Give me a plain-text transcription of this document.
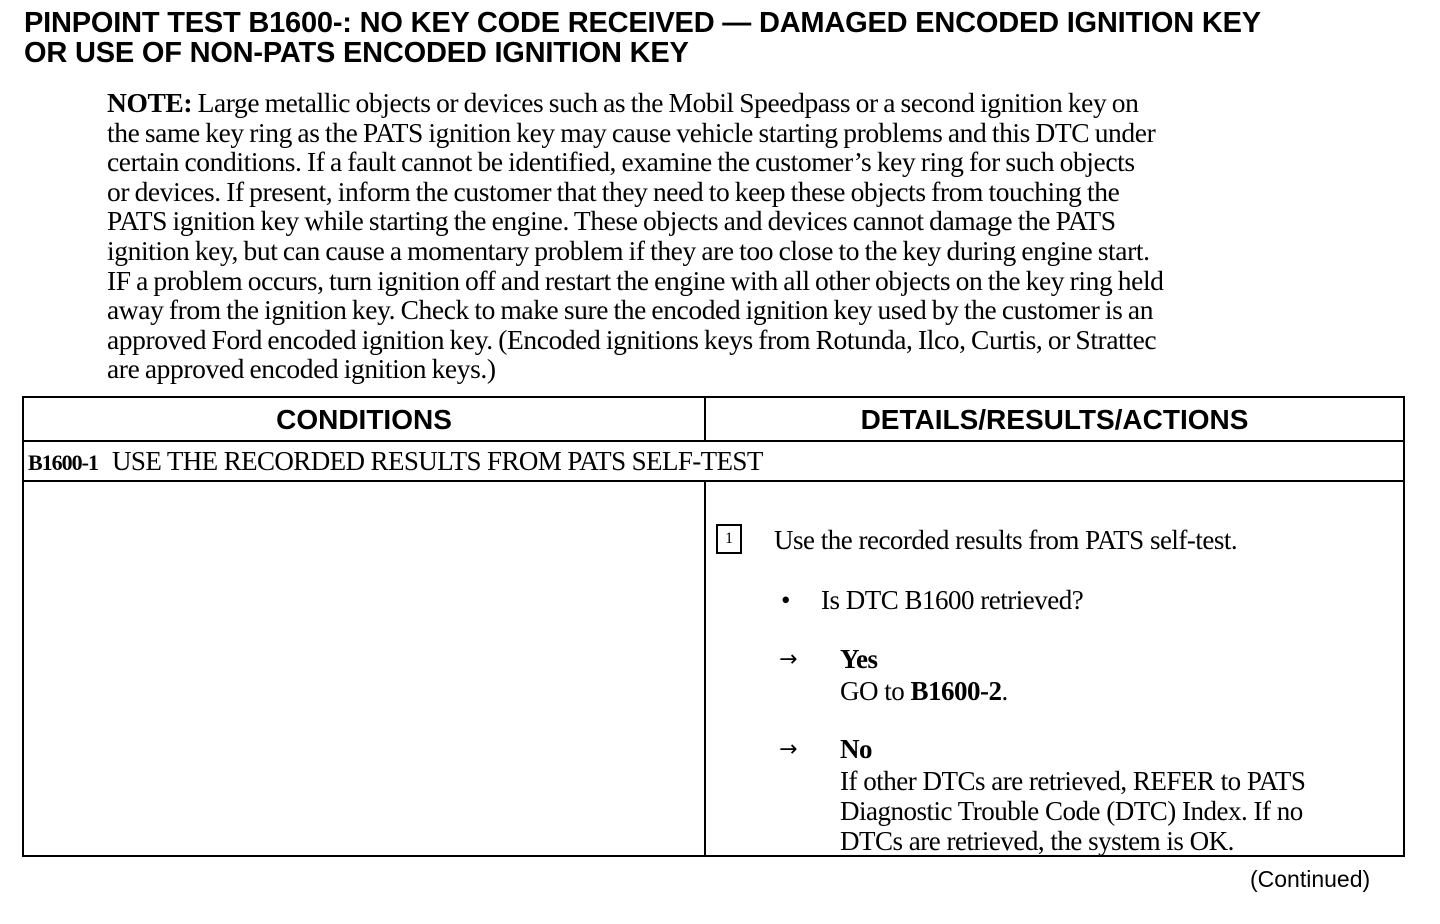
PINPOINT TEST B1600-: NO KEY CODE RECEIVED — DAMAGED ENCODED IGNITION KEY
OR USE OF NON-PATS ENCODED IGNITION KEY
NOTE: Large metallic objects or devices such as the Mobil Speedpass or a second ignition key on
the same key ring as the PATS ignition key may cause vehicle starting problems and this DTC under
certain conditions. If a fault cannot be identified, examine the customer’s key ring for such objects
or devices. If present, inform the customer that they need to keep these objects from touching the
PATS ignition key while starting the engine. These objects and devices cannot damage the PATS
ignition key, but can cause a momentary problem if they are too close to the key during engine start.
IF a problem occurs, turn ignition off and restart the engine with all other objects on the key ring held
away from the ignition key. Check to make sure the encoded ignition key used by the customer is an
approved Ford encoded ignition key. (Encoded ignitions keys from Rotunda, Ilco, Curtis, or Strattec
are approved encoded ignition keys.)
CONDITIONS	DETAILS/RESULTS/ACTIONS
B1600-1 USE THE RECORDED RESULTS FROM PATS SELF-TEST
1	Use the recorded results from PATS self-test.
• Is DTC B1600 retrieved?
→ Yes
GO to B1600-2.
→ No
If other DTCs are retrieved, REFER to PATS
Diagnostic Trouble Code (DTC) Index. If no
DTCs are retrieved, the system is OK.
(Continued)
